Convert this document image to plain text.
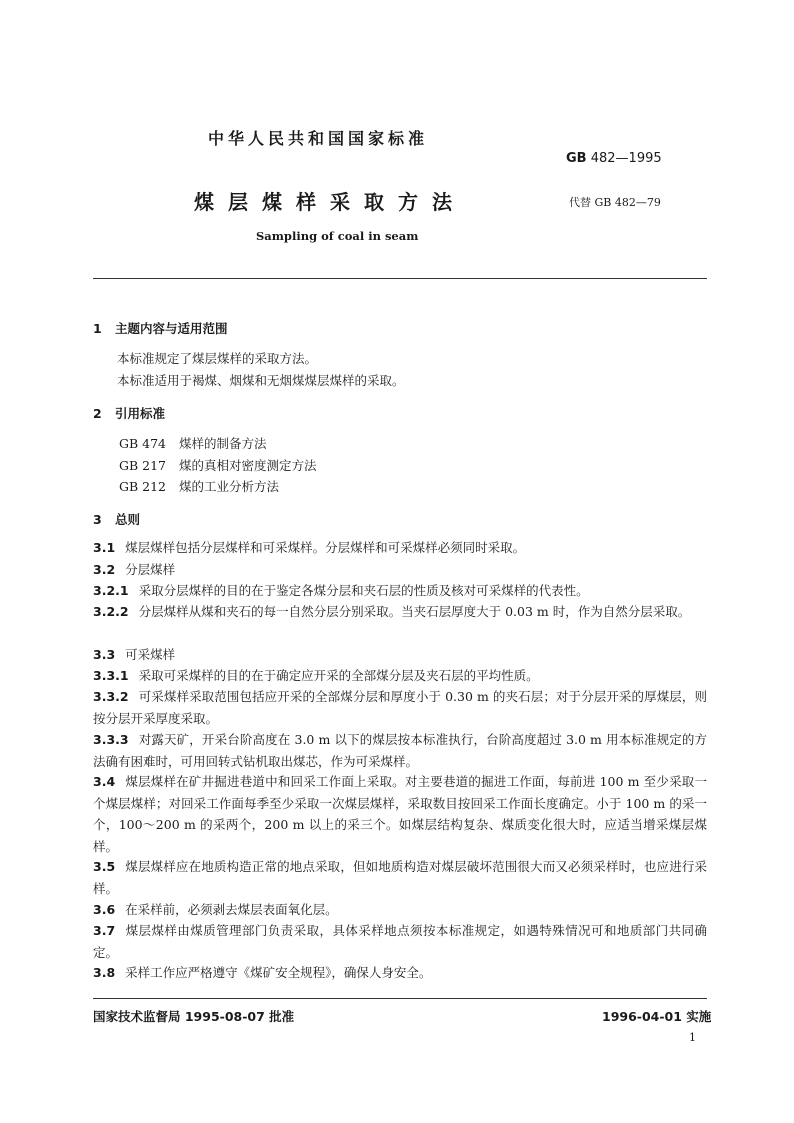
中华人民共和国国家标准
GB 482—1995
煤层煤样采取方法	代替 GB 482—79
Sampling of coal in seam
1 主题内容与适用范围
本标准规定了煤层煤样的采取方法。
本标准适用于褐煤、烟煤和无烟煤煤层煤样的采取。
2 引用标准
GB 474 煤样的制备方法
GB 217 煤的真相对密度测定方法
GB 212 煤的工业分析方法
3 总则
3.1 煤层煤样包括分层煤样和可采煤样。分层煤样和可采煤样必须同时采取。
3.2 分层煤样
3.2.1 采取分层煤样的目的在于鉴定各煤分层和夹石层的性质及核对可采煤样的代表性。
3.2.2 分层煤样从煤和夹石的每一自然分层分别采取。当夹石层厚度大于 0.03 m 时，作为自然分层采取。
3.3 可采煤样
3.3.1 采取可采煤样的目的在于确定应开采的全部煤分层及夹石层的平均性质。
3.3.2 可采煤样采取范围包括应开采的全部煤分层和厚度小于 0.30 m 的夹石层；对于分层开采的厚煤层，则按分层开采厚度采取。
3.3.3 对露天矿，开采台阶高度在 3.0 m 以下的煤层按本标准执行，台阶高度超过 3.0 m 用本标准规定的方法确有困难时，可用回转式钻机取出煤芯，作为可采煤样。
3.4 煤层煤样在矿井掘进巷道中和回采工作面上采取。对主要巷道的掘进工作面，每前进 100 m 至少采取一个煤层煤样；对回采工作面每季至少采取一次煤层煤样，采取数目按回采工作面长度确定。小于 100 m 的采一个，100～200 m 的采两个，200 m 以上的采三个。如煤层结构复杂、煤质变化很大时，应适当增采煤层煤样。
3.5 煤层煤样应在地质构造正常的地点采取，但如地质构造对煤层破坏范围很大而又必须采样时，也应进行采样。
3.6 在采样前，必须剥去煤层表面氧化层。
3.7 煤层煤样由煤质管理部门负责采取，具体采样地点须按本标准规定，如遇特殊情况可和地质部门共同确定。
3.8 采样工作应严格遵守《煤矿安全规程》，确保人身安全。
国家技术监督局 1995-08-07 批准	1996-04-01 实施
1
